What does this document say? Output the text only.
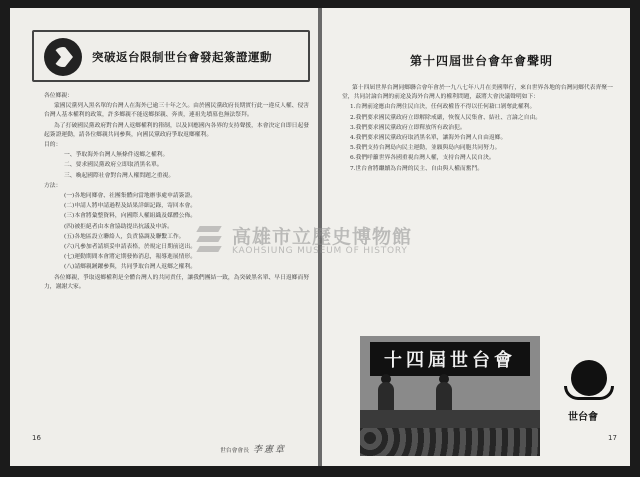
突破返台限制世台會發起簽證運動

各位鄉親：

蒙國民黨列入黑名單的台灣人在海外已逾三十年之久。由於國民黨政府長期實行此一違反人權、侵害台灣人基本權利的政策，許多鄉親不能返鄉探親、奔喪，連祖先墳墓也無法祭拜。

為了打破國民黨政府對台灣人返鄉權利的箝制，以及回應國內各界的支持聲援，本會決定自即日起發起簽證運動，請各位鄉親共同參與，向國民黨政府爭取返鄉權利。

目的：

一、爭取海外台灣人無條件返鄉之權利。

二、要求國民黨政府立即取消黑名單。

三、喚起國際社會對台灣人權問題之重視。

方法：

(一)各地同鄉會、社團集體向當地辦事處申請簽證。

(二)申請人將申請過程及結果詳細記錄，寄回本會。

(三)本會將彙整資料，向國際人權組織及媒體公佈。

(四)被拒絕者由本會協助提出抗議及申訴。

(五)各地區設立聯絡人，負責協調及聯繫工作。

(六)凡參加者請填妥申請表格，於規定日期前送出。

(七)運動期間本會將定期發佈消息，報導進展情形。

(八)請鄉親踴躍參與，共同爭取台灣人返鄉之權利。

各位鄉親，爭取返鄉權利是全體台灣人的共同責任，讓我們團結一致，為突破黑名單、早日返鄉而努力，謝謝大家。

16
世台會會長 李憲章
第十四屆世台會年會聲明

第十四屆世界台灣同鄉聯合會年會於一九八七年八月在美國舉行，來自世界各地的台灣同鄉代表齊聚一堂，共同討論台灣的前途及海外台灣人的權利問題，茲將大會決議聲明如下：

1.台灣前途應由台灣住民自決，任何政權皆不得以任何藉口剝奪此權利。

2.我們要求國民黨政府立即解除戒嚴，恢復人民集會、結社、言論之自由。

3.我們要求國民黨政府立即釋放所有政治犯。

4.我們要求國民黨政府取消黑名單，讓海外台灣人自由返鄉。

5.我們支持台灣島內民主運動，並願與島內同胞共同努力。

6.我們呼籲世界各國重視台灣人權，支持台灣人民自決。

7.世台會將繼續為台灣的民主、自由與人權而奮鬥。

十四屆世台會
世台會
17
高雄市立歷史博物館
KAOHSIUNG MUSEUM OF HISTORY
